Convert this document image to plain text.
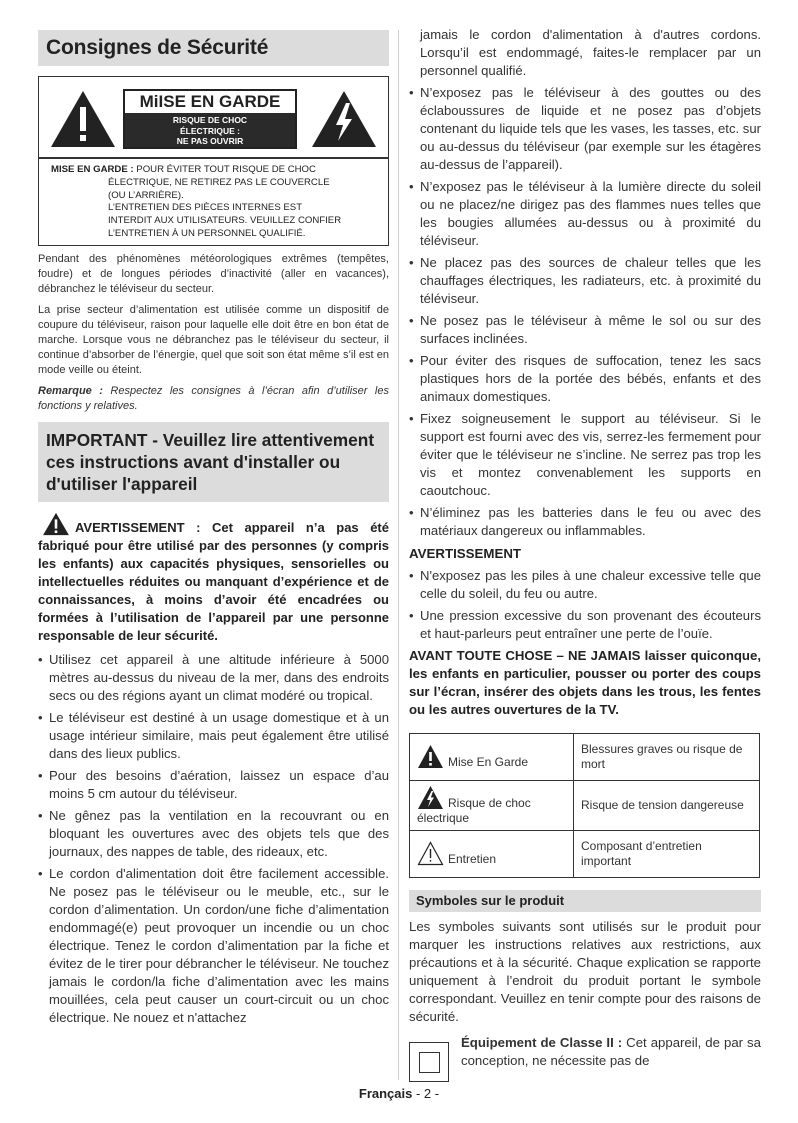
Consignes de Sécurité
MiISE EN GARDE
RISQUE DE CHOC
ÉLECTRIQUE :
NE PAS OUVRIR
MISE EN GARDE : POUR ÉVITER TOUT RISQUE DE CHOC
ÉLECTRIQUE, NE RETIREZ PAS LE COUVERCLE
(OU L’ARRIÈRE).
L’ENTRETIEN DES PIÈCES INTERNES EST
INTERDIT AUX UTILISATEURS. VEUILLEZ CONFIER
L’ENTRETIEN À UN PERSONNEL QUALIFIÉ.

Pendant des phénomènes météorologiques extrêmes (tempêtes, foudre) et de longues périodes d’inactivité (aller en vacances), débranchez le téléviseur du secteur.

La prise secteur d’alimentation est utilisée comme un dispositif de coupure du téléviseur, raison pour laquelle elle doit être en bon état de marche. Lorsque vous ne débranchez pas le téléviseur du secteur, il continue d’absorber de l’énergie, quel que soit son état même s’il est en mode veille ou éteint.

Remarque : Respectez les consignes à l’écran afin d’utiliser les fonctions y relatives.

IMPORTANT - Veuillez lire attentivement ces instructions avant d'installer ou d'utiliser l'appareil

AVERTISSEMENT : Cet appareil n’a pas été fabriqué pour être utilisé par des personnes (y compris les enfants) aux capacités physiques, sensorielles ou intellectuelles réduites ou manquant d’expérience et de connaissances, à moins d’avoir été encadrées ou formées à l’utilisation de l’appareil par une personne responsable de leur sécurité.

• Utilisez cet appareil à une altitude inférieure à 5000 mètres au-dessus du niveau de la mer, dans des endroits secs ou des régions ayant un climat modéré ou tropical.
• Le téléviseur est destiné à un usage domestique et à un usage intérieur similaire, mais peut également être utilisé dans des lieux publics.
• Pour des besoins d’aération, laissez un espace d’au moins 5 cm autour du téléviseur.
• Ne gênez pas la ventilation en la recouvrant ou en bloquant les ouvertures avec des objets tels que des journaux, des nappes de table, des rideaux, etc.
• Le cordon d'alimentation doit être facilement accessible. Ne posez pas le téléviseur ou le meuble, etc., sur le cordon d’alimentation. Un cordon/une fiche d’alimentation endommagé(e) peut provoquer un incendie ou un choc électrique. Tenez le cordon d’alimentation par la fiche et évitez de le tirer pour débrancher le téléviseur. Ne touchez jamais le cordon/la fiche d’alimentation avec les mains mouillées, cela peut causer un court-circuit ou un choc électrique. Ne nouez et n'attachez
jamais le cordon d'alimentation à d'autres cordons. Lorsqu’il est endommagé, faites-le remplacer par un personnel qualifié.
• N’exposez pas le téléviseur à des gouttes ou des éclaboussures de liquide et ne posez pas d’objets contenant du liquide tels que les vases, les tasses, etc. sur ou au-dessus du téléviseur (par exemple sur les étagères au-dessus de l’appareil).
• N’exposez pas le téléviseur à la lumière directe du soleil ou ne placez/ne dirigez pas des flammes nues telles que les bougies allumées au-dessus ou à proximité du téléviseur.
• Ne placez pas des sources de chaleur telles que les chauffages électriques, les radiateurs, etc. à proximité du téléviseur.
• Ne posez pas le téléviseur à même le sol ou sur des surfaces inclinées.
• Pour éviter des risques de suffocation, tenez les sacs plastiques hors de la portée des bébés, enfants et des animaux domestiques.
• Fixez soigneusement le support au téléviseur. Si le support est fourni avec des vis, serrez-les fermement pour éviter que le téléviseur ne s’incline. Ne serrez pas trop les vis et montez convenablement les supports en caoutchouc.
• N’éliminez pas les batteries dans le feu ou avec des matériaux dangereux ou inflammables.
AVERTISSEMENT
• N'exposez pas les piles à une chaleur excessive telle que celle du soleil, du feu ou autre.
• Une pression excessive du son provenant des écouteurs et haut-parleurs peut entraîner une perte de l’ouïe.

AVANT TOUTE CHOSE – NE JAMAIS laisser quiconque, les enfants en particulier, pousser ou porter des coups sur l’écran, insérer des objets dans les trous, les fentes ou les autres ouvertures de la TV.

Mise En Garde	Blessures graves ou risque de mort
Risque de choc électrique	Risque de tension dangereuse
Entretien	Composant d’entretien important
Symboles sur le produit

Les symboles suivants sont utilisés sur le produit pour marquer les instructions relatives aux restrictions, aux précautions et à la sécurité. Chaque explication se rapporte uniquement à l’endroit du produit portant le symbole correspondant. Veuillez en tenir compte pour des raisons de sécurité.

Équipement de Classe II : Cet appareil, de par sa conception, ne nécessite pas de
Français - 2 -
